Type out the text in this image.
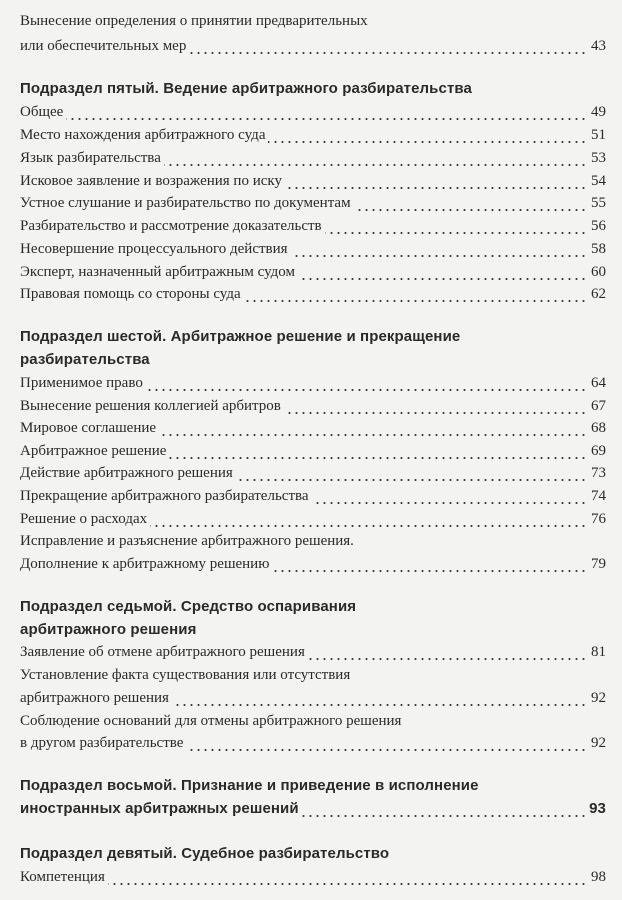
Вынесение определения о принятии предварительных
или обеспечительных мер	43
Подраздел пятый. Ведение арбитражного разбирательства
Общее	49
Место нахождения арбитражного суда	51
Язык разбирательства	53
Исковое заявление и возражения по иску	54
Устное слушание и разбирательство по документам	55
Разбирательство и рассмотрение доказательств	56
Несовершение процессуального действия	58
Эксперт, назначенный арбитражным судом	60
Правовая помощь со стороны суда	62
Подраздел шестой. Арбитражное решение и прекращение
разбирательства
Применимое право	64
Вынесение решения коллегией арбитров	67
Мировое соглашение	68
Арбитражное решение	69
Действие арбитражного решения	73
Прекращение арбитражного разбирательства	74
Решение о расходах	76
Исправление и разъяснение арбитражного решения.
Дополнение к арбитражному решению	79
Подраздел седьмой. Средство оспаривания
арбитражного решения
Заявление об отмене арбитражного решения	81
Установление факта существования или отсутствия
арбитражного решения	92
Соблюдение оснований для отмены арбитражного решения
в другом разбирательстве	92
Подраздел восьмой. Признание и приведение в исполнение
иностранных арбитражных решений	93
Подраздел девятый. Судебное разбирательство
Компетенция	98
